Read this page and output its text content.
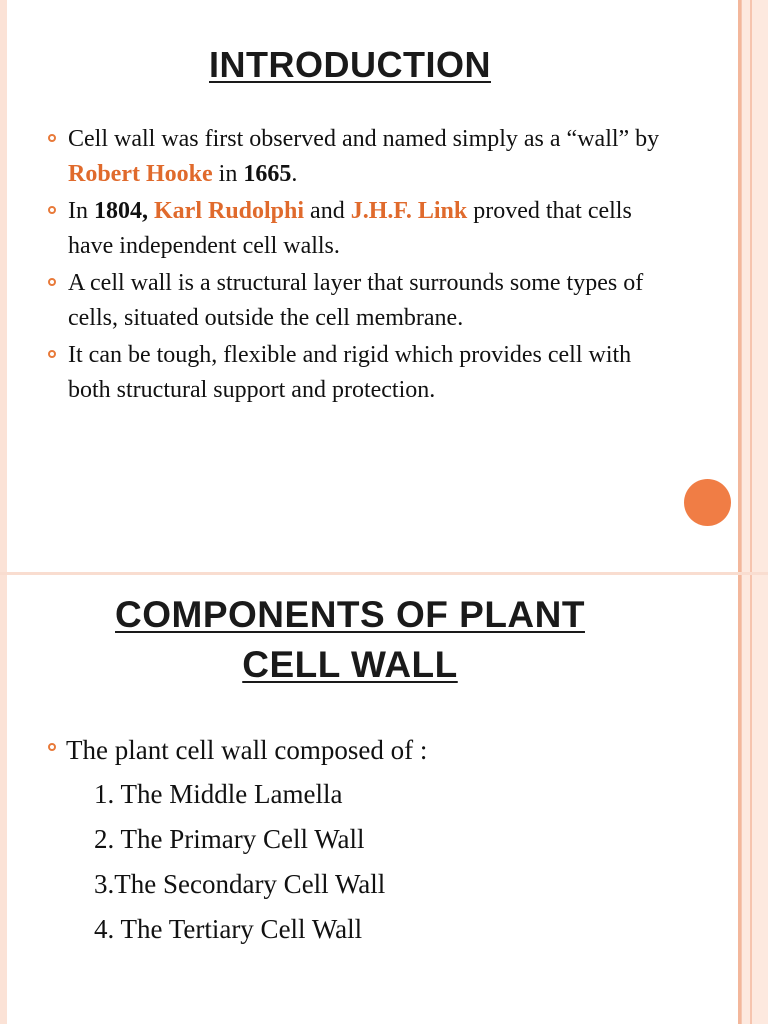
INTRODUCTION
Cell wall was first observed and named simply as a “wall” by Robert Hooke in 1665.
In 1804, Karl Rudolphi and J.H.F. Link proved that cells have independent cell walls.
A cell wall is a structural layer that surrounds some types of cells, situated outside the cell membrane.
It can be tough, flexible and rigid which provides cell with both structural support and protection.
COMPONENTS OF PLANT
CELL WALL
The plant cell wall composed of :
1. The Middle Lamella
2. The Primary Cell Wall
3.The Secondary Cell Wall
4. The Tertiary Cell Wall
